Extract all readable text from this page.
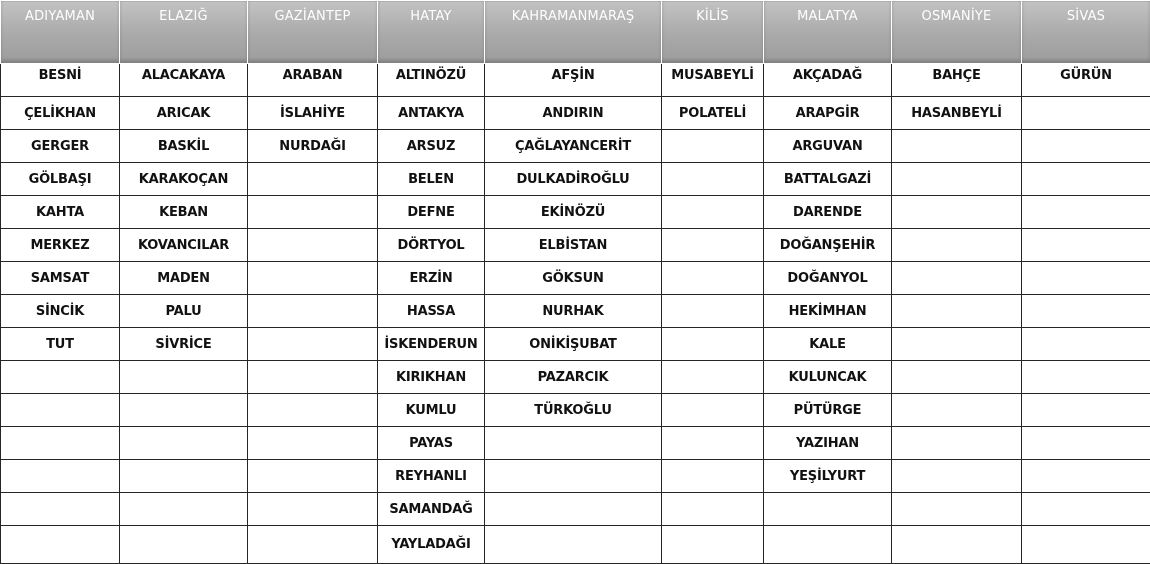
ADIYAMAN	ELAZIĞ	GAZİANTEP	HATAY	KAHRAMANMARAŞ	KİLİS	MALATYA	OSMANİYE	SİVAS
BESNİ	ALACAKAYA	ARABAN	ALTINÖZÜ	AFŞİN	MUSABEYLİ	AKÇADAĞ	BAHÇE	GÜRÜN
ÇELİKHAN	ARICAK	İSLAHİYE	ANTAKYA	ANDIRIN	POLATELİ	ARAPGİR	HASANBEYLİ	
GERGER	BASKİL	NURDAĞI	ARSUZ	ÇAĞLAYANCERİT		ARGUVAN		
GÖLBAŞI	KARAKOÇAN		BELEN	DULKADİROĞLU		BATTALGAZİ		
KAHTA	KEBAN		DEFNE	EKİNÖZÜ		DARENDE		
MERKEZ	KOVANCILAR		DÖRTYOL	ELBİSTAN		DOĞANŞEHİR		
SAMSAT	MADEN		ERZİN	GÖKSUN		DOĞANYOL		
SİNCİK	PALU		HASSA	NURHAK		HEKİMHAN		
TUT	SİVRİCE		İSKENDERUN	ONİKİŞUBAT		KALE		
			KIRIKHAN	PAZARCIK		KULUNCAK		
			KUMLU	TÜRKOĞLU		PÜTÜRGE		
			PAYAS			YAZIHAN		
			REYHANLI			YEŞİLYURT		
			SAMANDAĞ					
			YAYLADAĞI					
